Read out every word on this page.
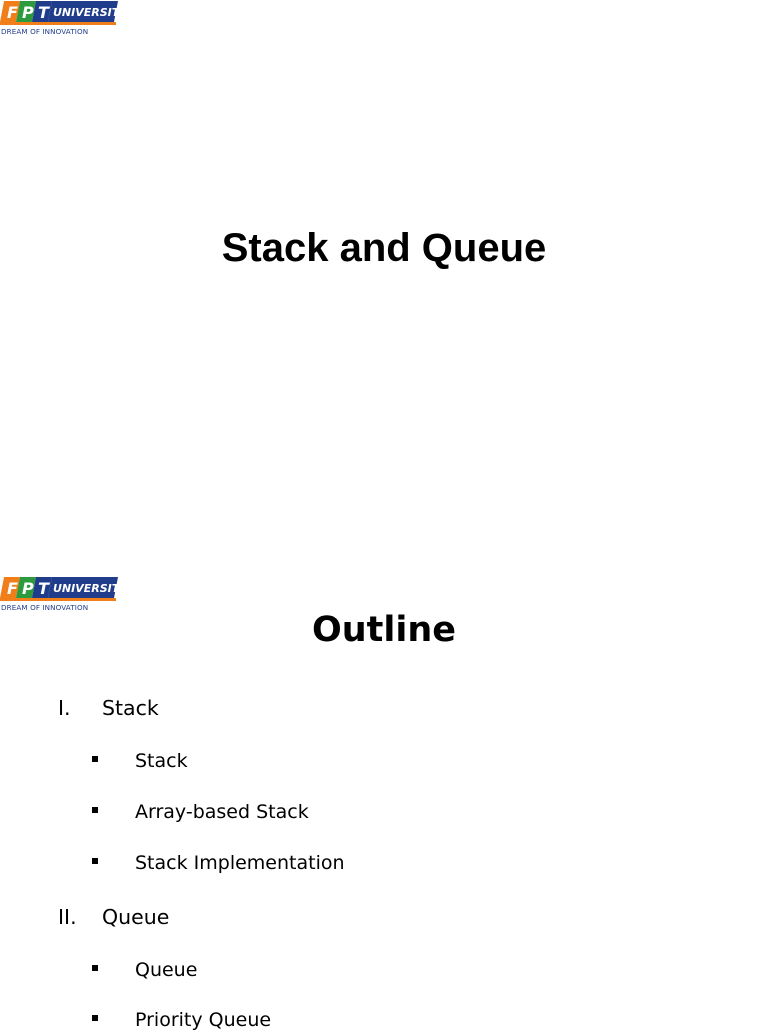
F P T UNIVERSITY
DREAM OF INNOVATION
Stack and Queue
F P T UNIVERSITY
DREAM OF INNOVATION
Outline
I. Stack
Stack
Array-based Stack
Stack Implementation
II. Queue
Queue
Priority Queue
